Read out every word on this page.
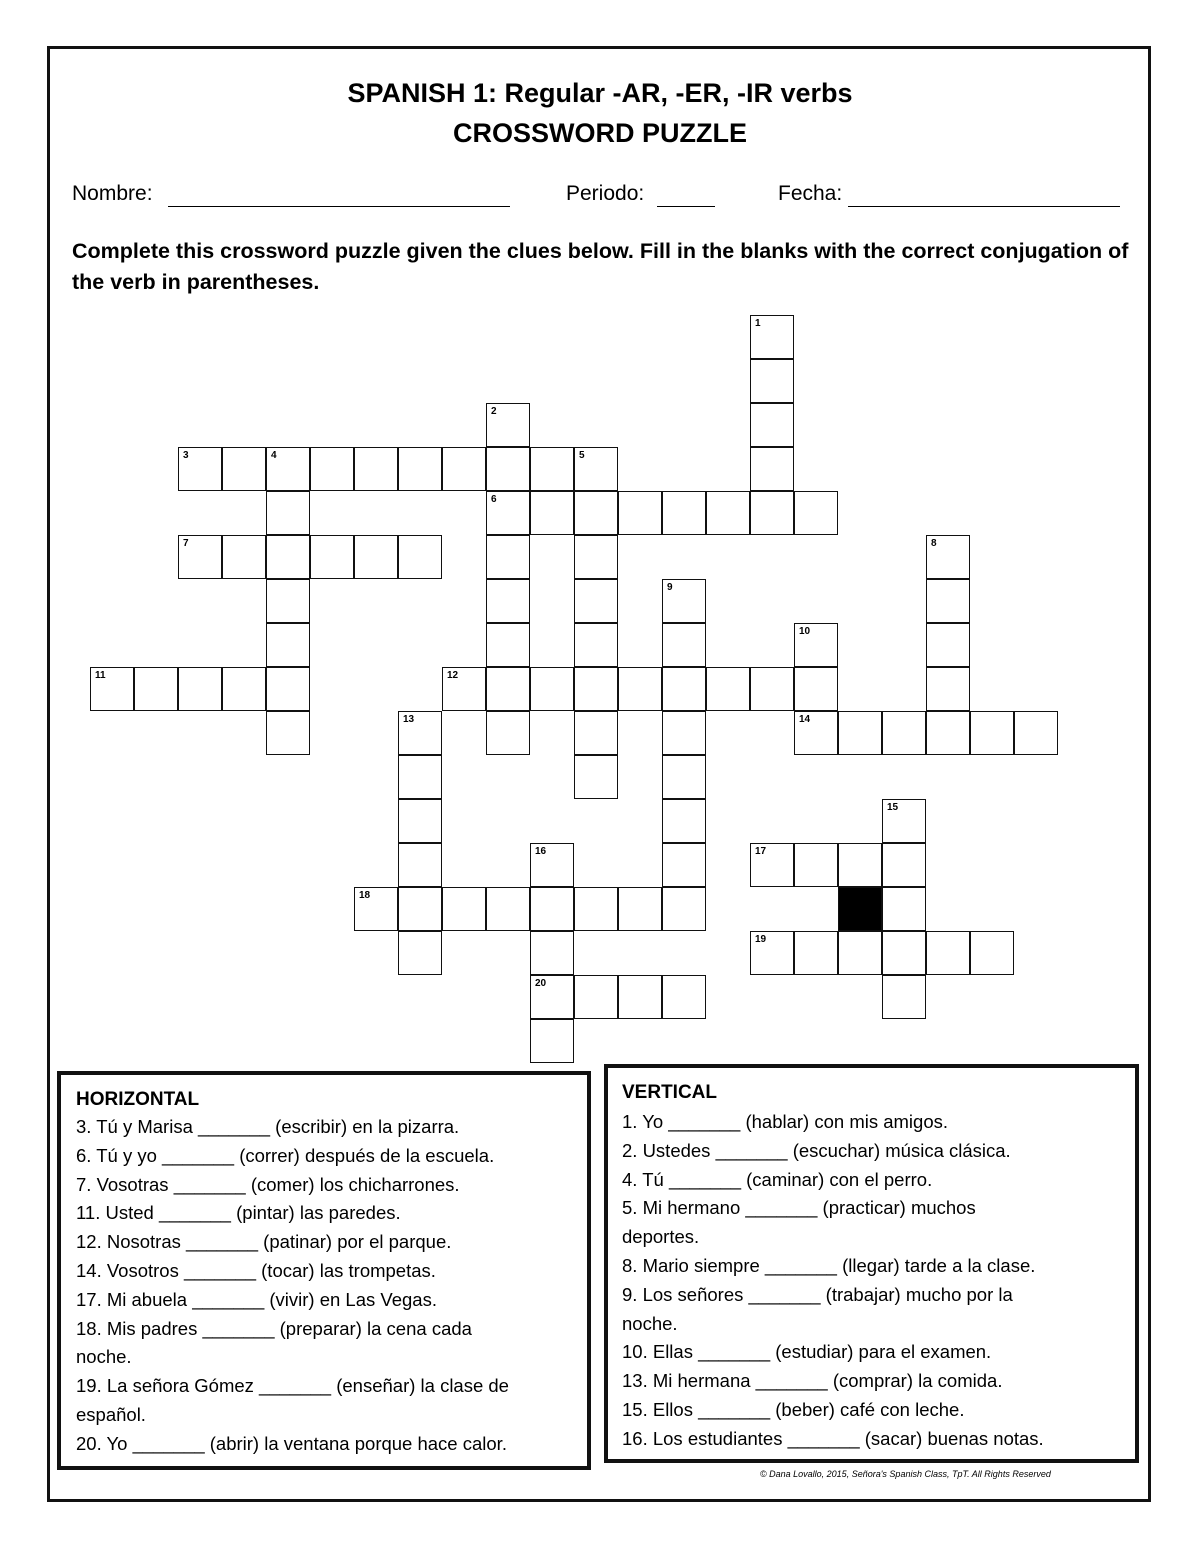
SPANISH 1: Regular -AR, -ER, -IR verbs
CROSSWORD PUZZLE
Nombre:	Periodo:	Fecha:
Complete this crossword puzzle given the clues below. Fill in the blanks with the correct conjugation of the verb in parentheses.
1
2
6
3	4	5
7	8
9
10
14
11	12
13
15
16
20
17
18
19
HORIZONTAL
3. Tú y Marisa _______ (escribir) en la pizarra.
6. Tú y yo _______ (correr) después de la escuela.
7. Vosotras _______ (comer) los chicharrones.
11. Usted _______ (pintar) las paredes.
12. Nosotras _______ (patinar) por el parque.
14. Vosotros _______ (tocar) las trompetas.
17. Mi abuela _______ (vivir) en Las Vegas.
18. Mis padres _______ (preparar) la cena cada
noche.
19. La señora Gómez _______ (enseñar) la clase de
español.
20. Yo _______ (abrir) la ventana porque hace calor.
VERTICAL
1. Yo _______ (hablar) con mis amigos.
2. Ustedes _______ (escuchar) música clásica.
4. Tú _______ (caminar) con el perro.
5. Mi hermano _______ (practicar) muchos
deportes.
8. Mario siempre _______ (llegar) tarde a la clase.
9. Los señores _______ (trabajar) mucho por la
noche.
10. Ellas _______ (estudiar) para el examen.
13. Mi hermana _______ (comprar) la comida.
15. Ellos _______ (beber) café con leche.
16. Los estudiantes _______ (sacar) buenas notas.
© Dana Lovallo, 2015, Señora's Spanish Class, TpT. All Rights Reserved
